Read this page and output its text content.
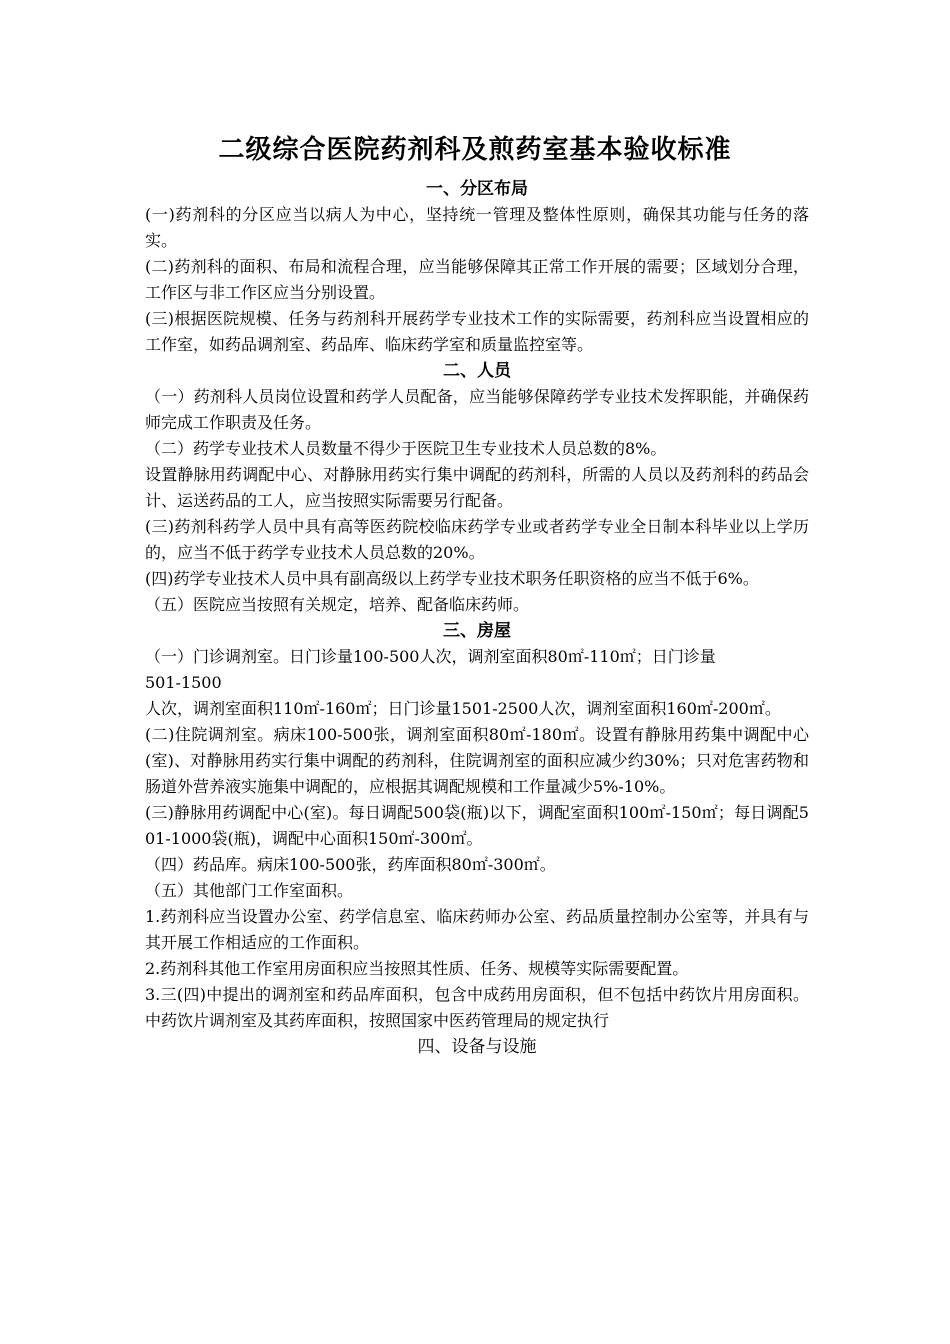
二级综合医院药剂科及煎药室基本验收标准
一、分区布局

(一)药剂科的分区应当以病人为中心，坚持统一管理及整体性原则，确保其功能与任务的落实。

(二)药剂科的面积、布局和流程合理，应当能够保障其正常工作开展的需要；区域划分合理，工作区与非工作区应当分别设置。

(三)根据医院规模、任务与药剂科开展药学专业技术工作的实际需要，药剂科应当设置相应的工作室，如药品调剂室、药品库、临床药学室和质量监控室等。

二、人员

（一）药剂科人员岗位设置和药学人员配备，应当能够保障药学专业技术发挥职能，并确保药师完成工作职责及任务。

（二）药学专业技术人员数量不得少于医院卫生专业技术人员总数的8%。

设置静脉用药调配中心、对静脉用药实行集中调配的药剂科，所需的人员以及药剂科的药品会计、运送药品的工人，应当按照实际需要另行配备。

(三)药剂科药学人员中具有高等医药院校临床药学专业或者药学专业全日制本科毕业以上学历的，应当不低于药学专业技术人员总数的20%。

(四)药学专业技术人员中具有副高级以上药学专业技术职务任职资格的应当不低于6%。

（五）医院应当按照有关规定，培养、配备临床药师。

三、房屋

（一）门诊调剂室。日门诊量100-500人次，调剂室面积80㎡-110㎡；日门诊量

501-1500

人次，调剂室面积110㎡-160㎡；日门诊量1501-2500人次，调剂室面积160㎡-200㎡。

(二)住院调剂室。病床100-500张，调剂室面积80㎡-180㎡。设置有静脉用药集中调配中心(室)、对静脉用药实行集中调配的药剂科，住院调剂室的面积应减少约30%；只对危害药物和肠道外营养液实施集中调配的，应根据其调配规模和工作量减少5%-10%。

(三)静脉用药调配中心(室)。每日调配500袋(瓶)以下，调配室面积100㎡-150㎡；每日调配501-1000袋(瓶)，调配中心面积150㎡-300㎡。

（四）药品库。病床100-500张，药库面积80㎡-300㎡。

（五）其他部门工作室面积。

1.药剂科应当设置办公室、药学信息室、临床药师办公室、药品质量控制办公室等，并具有与其开展工作相适应的工作面积。

2.药剂科其他工作室用房面积应当按照其性质、任务、规模等实际需要配置。

3.三(四)中提出的调剂室和药品库面积，包含中成药用房面积，但不包括中药饮片用房面积。中药饮片调剂室及其药库面积，按照国家中医药管理局的规定执行

四、设备与设施
